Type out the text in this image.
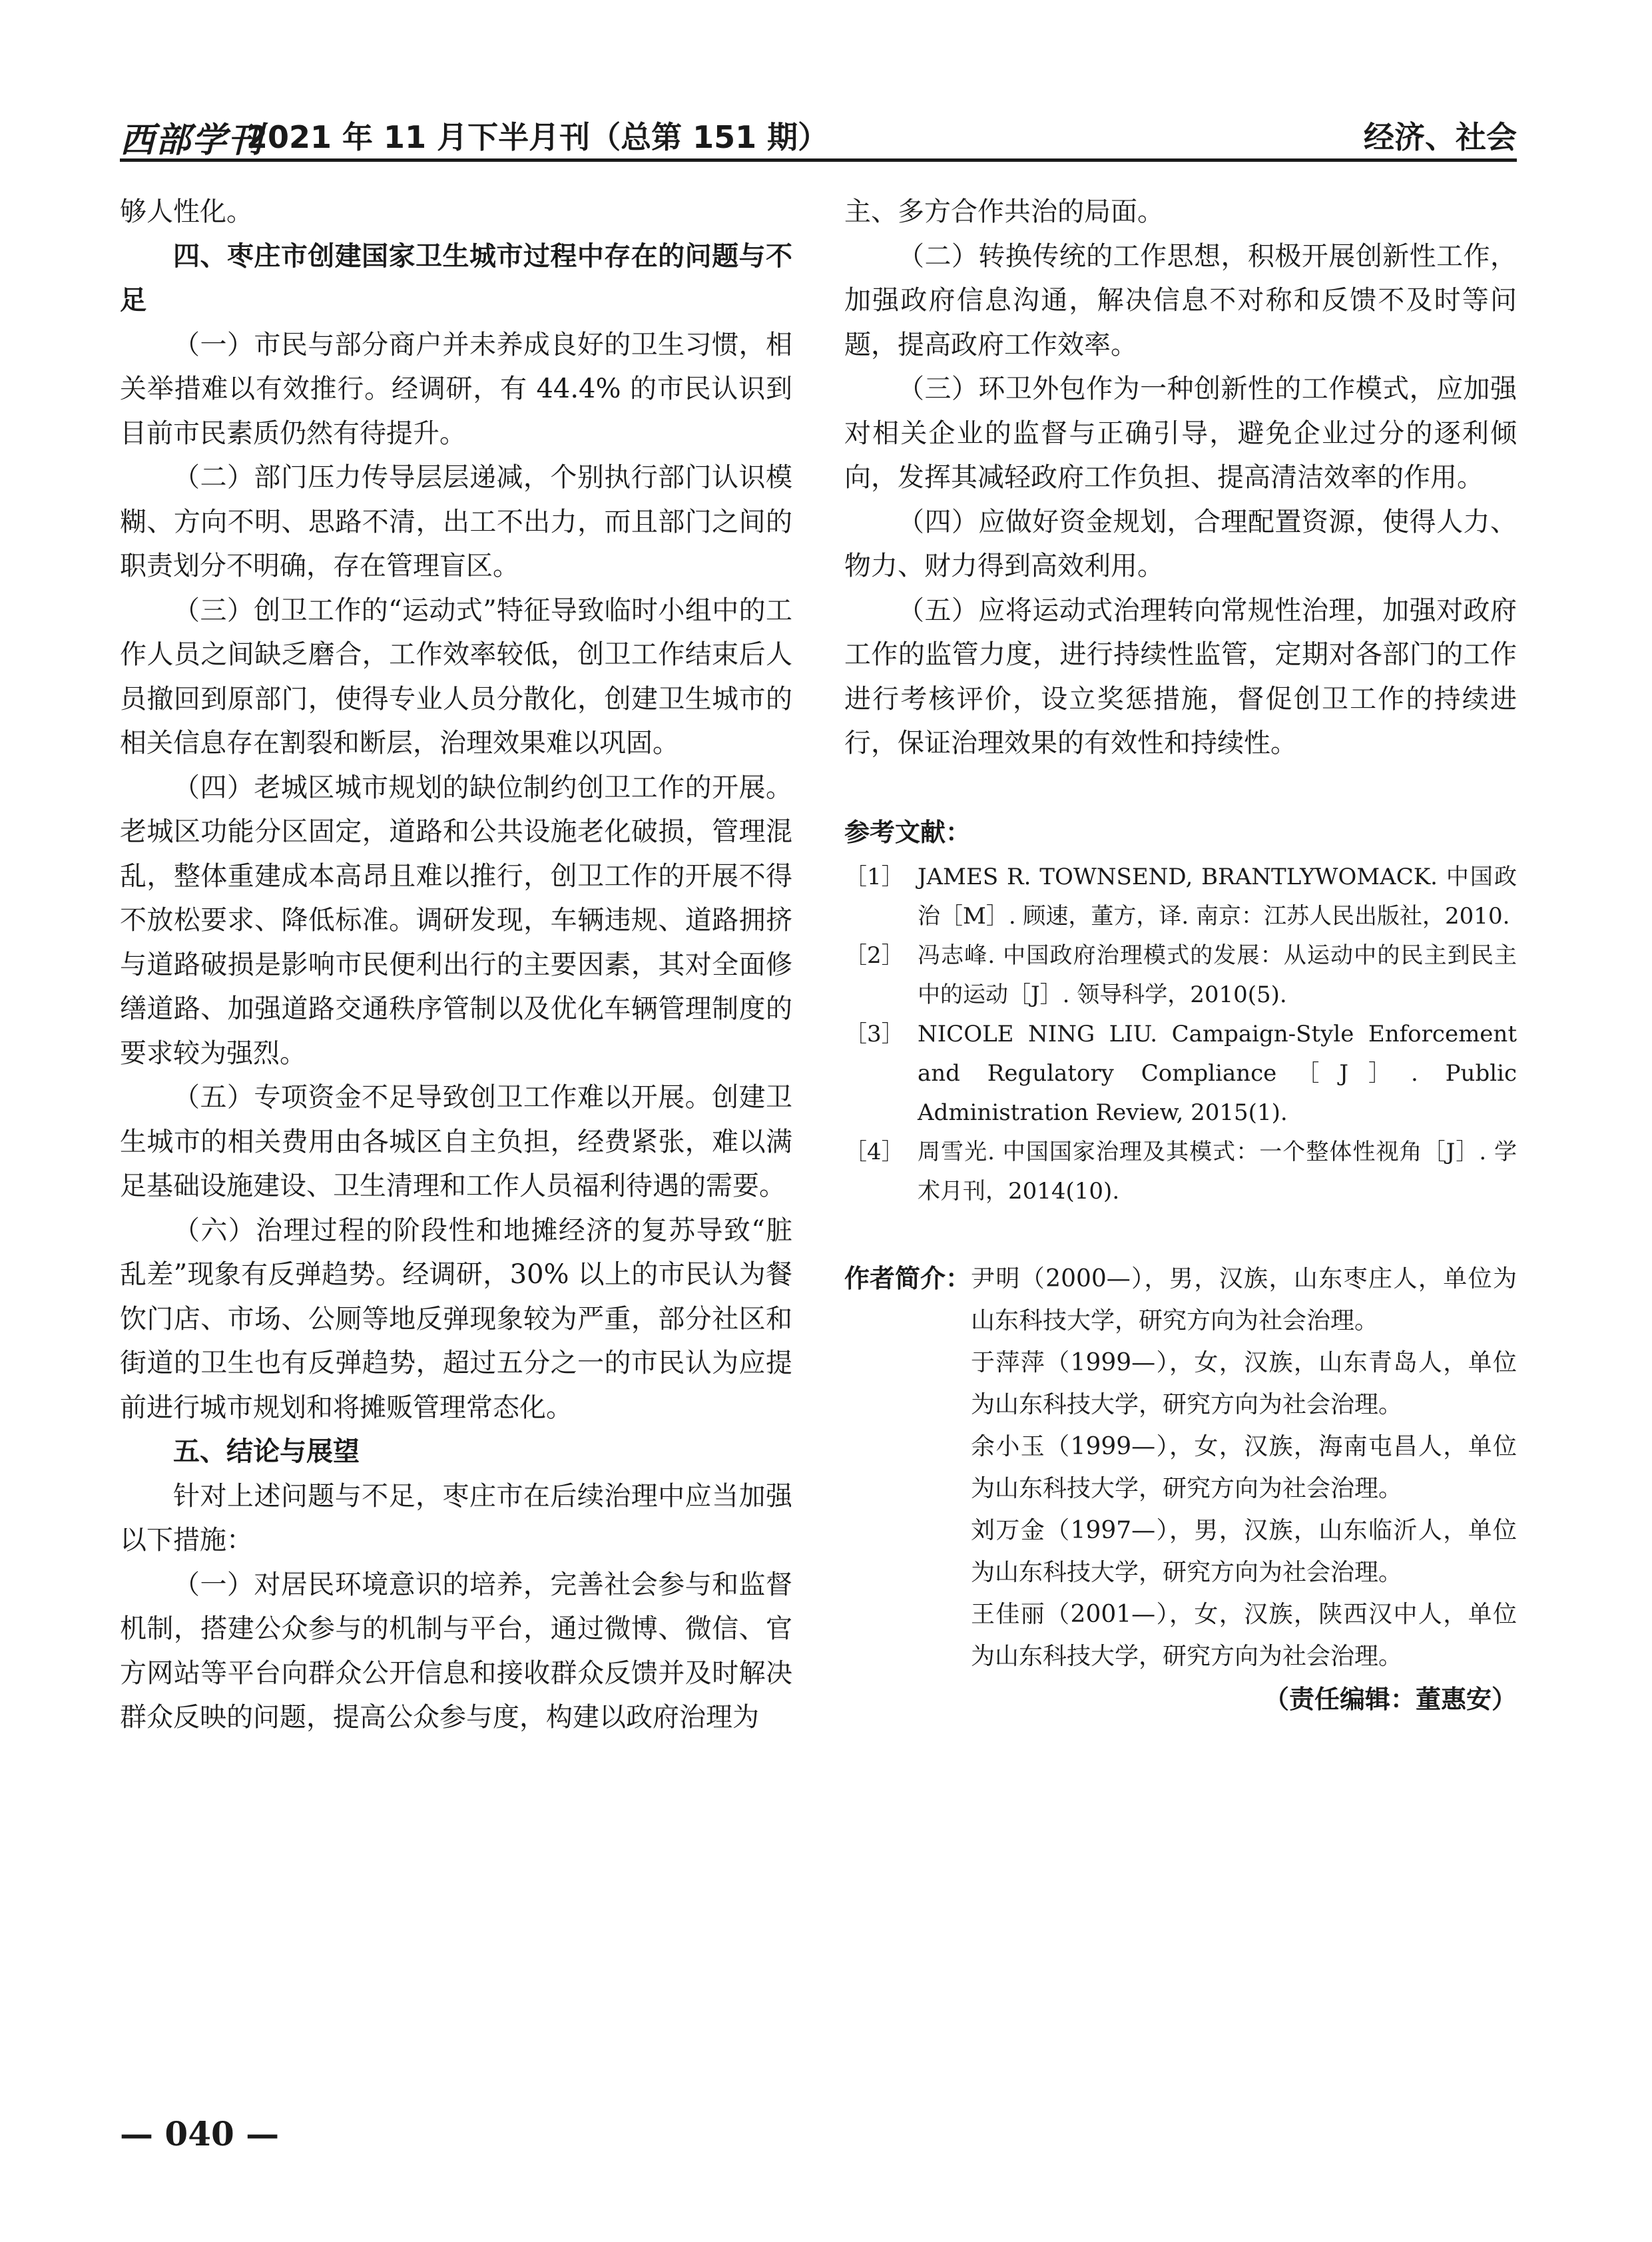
西部学刊
2021 年 11 月下半月刊（总第 151 期）	经济、社会

够人性化。

四、枣庄市创建国家卫生城市过程中存在的问题与不足

（一）市民与部分商户并未养成良好的卫生习惯，相关举措难以有效推行。经调研，有 44.4% 的市民认识到目前市民素质仍然有待提升。

（二）部门压力传导层层递减，个别执行部门认识模糊、方向不明、思路不清，出工不出力，而且部门之间的职责划分不明确，存在管理盲区。

（三）创卫工作的“运动式”特征导致临时小组中的工作人员之间缺乏磨合，工作效率较低，创卫工作结束后人员撤回到原部门，使得专业人员分散化，创建卫生城市的相关信息存在割裂和断层，治理效果难以巩固。

（四）老城区城市规划的缺位制约创卫工作的开展。老城区功能分区固定，道路和公共设施老化破损，管理混乱，整体重建成本高昂且难以推行，创卫工作的开展不得不放松要求、降低标准。调研发现，车辆违规、道路拥挤与道路破损是影响市民便利出行的主要因素，其对全面修缮道路、加强道路交通秩序管制以及优化车辆管理制度的要求较为强烈。

（五）专项资金不足导致创卫工作难以开展。创建卫生城市的相关费用由各城区自主负担，经费紧张，难以满足基础设施建设、卫生清理和工作人员福利待遇的需要。

（六）治理过程的阶段性和地摊经济的复苏导致“脏乱差”现象有反弹趋势。经调研，30% 以上的市民认为餐饮门店、市场、公厕等地反弹现象较为严重，部分社区和街道的卫生也有反弹趋势，超过五分之一的市民认为应提前进行城市规划和将摊贩管理常态化。

五、结论与展望

针对上述问题与不足，枣庄市在后续治理中应当加强以下措施：

（一）对居民环境意识的培养，完善社会参与和监督机制，搭建公众参与的机制与平台，通过微博、微信、官方网站等平台向群众公开信息和接收群众反馈并及时解决群众反映的问题，提高公众参与度，构建以政府治理为

主、多方合作共治的局面。

（二）转换传统的工作思想，积极开展创新性工作，加强政府信息沟通，解决信息不对称和反馈不及时等问题，提高政府工作效率。

（三）环卫外包作为一种创新性的工作模式，应加强对相关企业的监督与正确引导，避免企业过分的逐利倾向，发挥其减轻政府工作负担、提高清洁效率的作用。

（四）应做好资金规划，合理配置资源，使得人力、物力、财力得到高效利用。

（五）应将运动式治理转向常规性治理，加强对政府工作的监管力度，进行持续性监管，定期对各部门的工作进行考核评价，设立奖惩措施，督促创卫工作的持续进行，保证治理效果的有效性和持续性。

参考文献：
［1］ JAMES R. TOWNSEND, BRANTLYWOMACK. 中国政治［M］. 顾速，董方，译. 南京：江苏人民出版社，2010.
［2］ 冯志峰. 中国政府治理模式的发展：从运动中的民主到民主中的运动［J］. 领导科学，2010(5).
［3］ NICOLE NING LIU. Campaign-Style Enforcement and Regulatory Compliance［J］. Public Administration Review, 2015(1).
［4］ 周雪光. 中国国家治理及其模式：一个整体性视角［J］. 学术月刊，2014(10).
作者简介： 尹明（2000—），男，汉族，山东枣庄人，单位为山东科技大学，研究方向为社会治理。
于萍萍（1999—），女，汉族，山东青岛人，单位为山东科技大学，研究方向为社会治理。
余小玉（1999—），女，汉族，海南屯昌人，单位为山东科技大学，研究方向为社会治理。
刘万金（1997—），男，汉族，山东临沂人，单位为山东科技大学，研究方向为社会治理。
王佳丽（2001—），女，汉族，陕西汉中人，单位为山东科技大学，研究方向为社会治理。
（责任编辑：董惠安）
— 040 —
